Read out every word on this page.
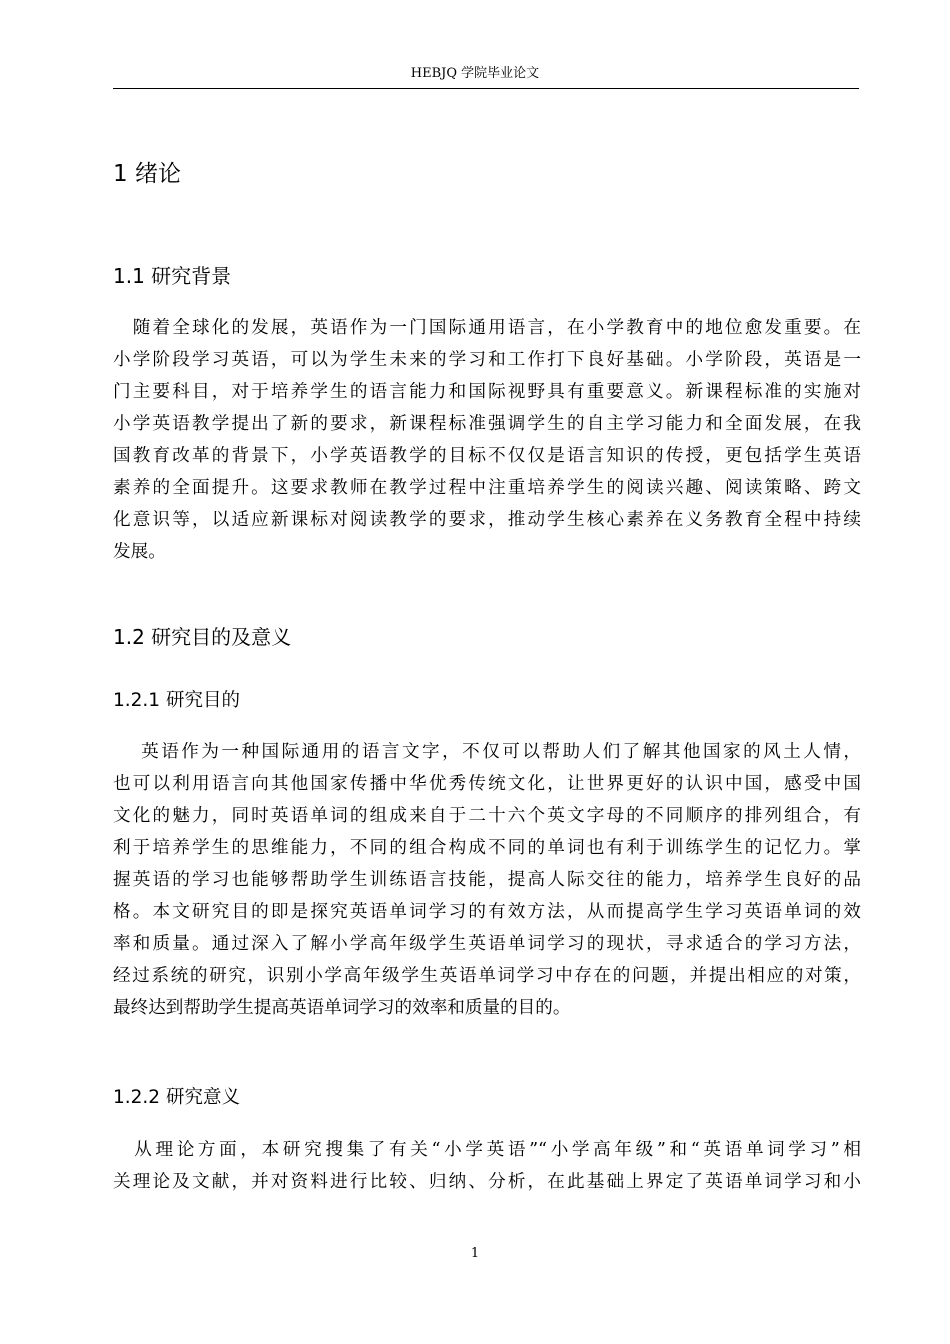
HEBJQ 学院毕业论文
1 绪论
1.1 研究背景
　随着全球化的发展，英语作为一门国际通用语言，在小学教育中的地位愈发重要。在
小学阶段学习英语，可以为学生未来的学习和工作打下良好基础。小学阶段，英语是一
门主要科目，对于培养学生的语言能力和国际视野具有重要意义。新课程标准的实施对
小学英语教学提出了新的要求，新课程标准强调学生的自主学习能力和全面发展，在我
国教育改革的背景下，小学英语教学的目标不仅仅是语言知识的传授，更包括学生英语
素养的全面提升。这要求教师在教学过程中注重培养学生的阅读兴趣、阅读策略、跨文
化意识等，以适应新课标对阅读教学的要求，推动学生核心素养在义务教育全程中持续
发展。
1.2 研究目的及意义
1.2.1 研究目的
　 英语作为一种国际通用的语言文字，不仅可以帮助人们了解其他国家的风土人情，
也可以利用语言向其他国家传播中华优秀传统文化，让世界更好的认识中国，感受中国
文化的魅力，同时英语单词的组成来自于二十六个英文字母的不同顺序的排列组合，有
利于培养学生的思维能力，不同的组合构成不同的单词也有利于训练学生的记忆力。掌
握英语的学习也能够帮助学生训练语言技能，提高人际交往的能力，培养学生良好的品
格。本文研究目的即是探究英语单词学习的有效方法，从而提高学生学习英语单词的效
率和质量。通过深入了解小学高年级学生英语单词学习的现状，寻求适合的学习方法，
经过系统的研究，识别小学高年级学生英语单词学习中存在的问题，并提出相应的对策，
最终达到帮助学生提高英语单词学习的效率和质量的目的。
1.2.2 研究意义
　从理论方面，本研究搜集了有关“小学英语”“小学高年级”和“英语单词学习”相
关理论及文献，并对资料进行比较、归纳、分析，在此基础上界定了英语单词学习和小
1
